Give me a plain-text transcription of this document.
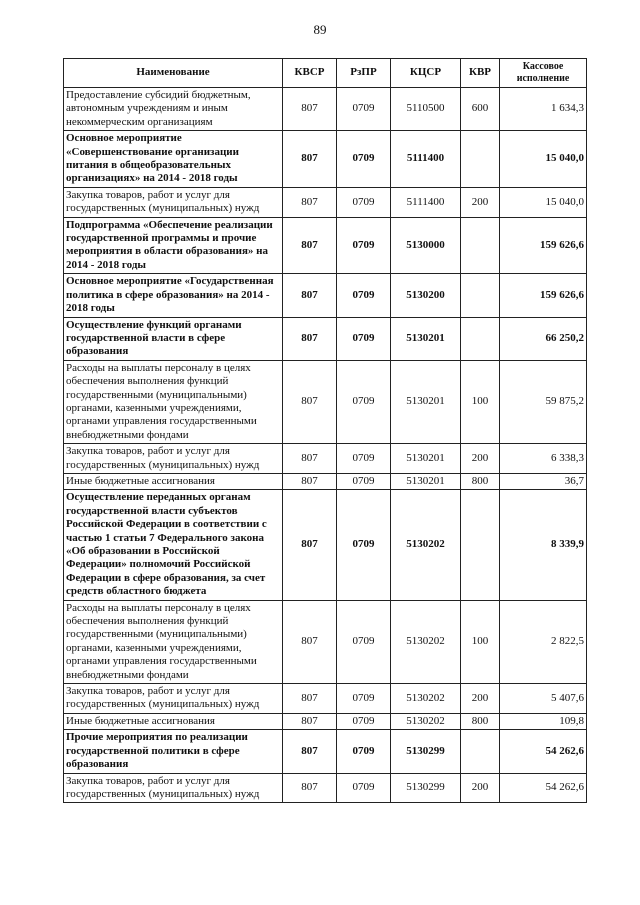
89
Наименование	КВСР	РзПР	КЦСР	КВР	Кассовое исполнение
Предоставление субсидий бюджетным, автономным учреждениям и иным некоммерческим организациям	807	0709	5110500	600	1 634,3
Основное мероприятие «Совершенствование организации питания в общеобразовательных организациях» на 2014 - 2018 годы	807	0709	5111400		15 040,0
Закупка товаров, работ и услуг для государственных (муниципальных) нужд	807	0709	5111400	200	15 040,0
Подпрограмма «Обеспечение реализации государственной программы и прочие мероприятия в области образования» на 2014 - 2018 годы	807	0709	5130000		159 626,6
Основное мероприятие «Государственная политика в сфере образования» на 2014 - 2018 годы	807	0709	5130200		159 626,6
Осуществление функций органами государственной власти в сфере образования	807	0709	5130201		66 250,2
Расходы на выплаты персоналу в целях обеспечения выполнения функций государственными (муниципальными) органами, казенными учреждениями, органами управления государственными внебюджетными фондами	807	0709	5130201	100	59 875,2
Закупка товаров, работ и услуг для государственных (муниципальных) нужд	807	0709	5130201	200	6 338,3
Иные бюджетные ассигнования	807	0709	5130201	800	36,7
Осуществление переданных органам государственной власти субъектов Российской Федерации в соответствии с частью 1 статьи 7 Федерального закона «Об образовании в Российской Федерации» полномочий Российской Федерации в сфере образования, за счет средств областного бюджета	807	0709	5130202		8 339,9
Расходы на выплаты персоналу в целях обеспечения выполнения функций государственными (муниципальными) органами, казенными учреждениями, органами управления государственными внебюджетными фондами	807	0709	5130202	100	2 822,5
Закупка товаров, работ и услуг для государственных (муниципальных) нужд	807	0709	5130202	200	5 407,6
Иные бюджетные ассигнования	807	0709	5130202	800	109,8
Прочие мероприятия по реализации государственной политики в сфере образования	807	0709	5130299		54 262,6
Закупка товаров, работ и услуг для государственных (муниципальных) нужд	807	0709	5130299	200	54 262,6
